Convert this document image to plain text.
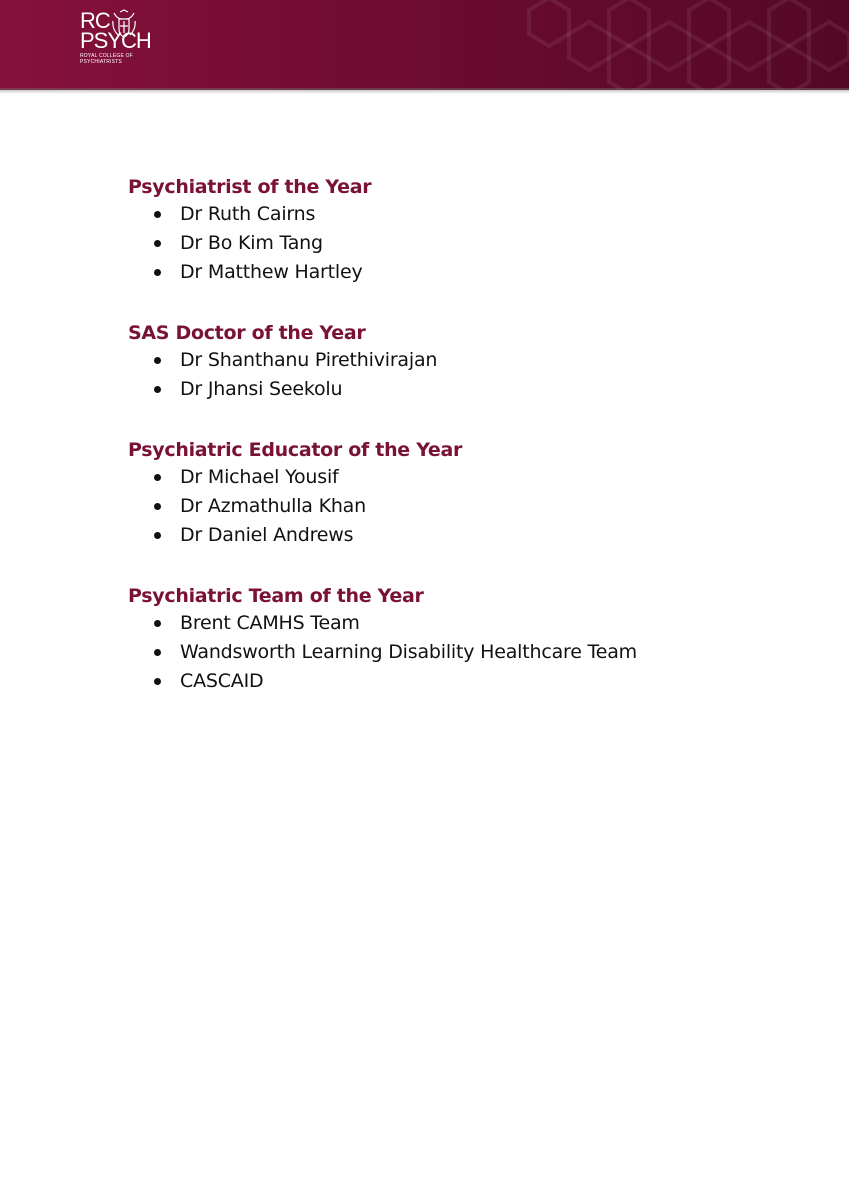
RC
PSYCH
ROYAL COLLEGE OF
PSYCHIATRISTS
Psychiatrist of the Year
Dr Ruth Cairns
Dr Bo Kim Tang
Dr Matthew Hartley
SAS Doctor of the Year
Dr Shanthanu Pirethivirajan
Dr Jhansi Seekolu
Psychiatric Educator of the Year
Dr Michael Yousif
Dr Azmathulla Khan
Dr Daniel Andrews
Psychiatric Team of the Year
Brent CAMHS Team
Wandsworth Learning Disability Healthcare Team
CASCAID
